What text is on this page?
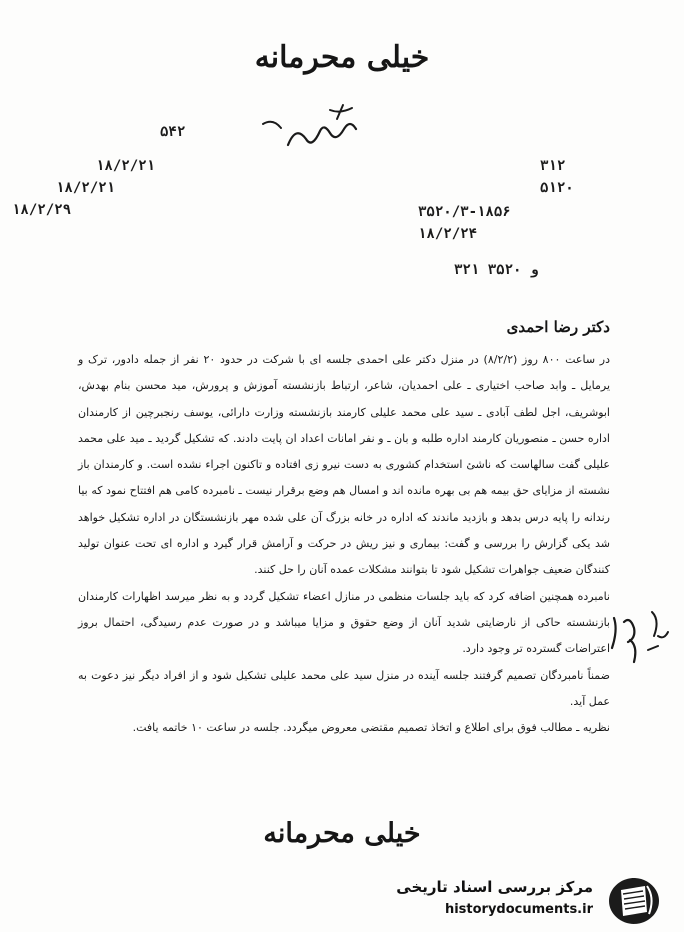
خیلی محرمانه
۵۴۲
۱۸/۲/۲۱
۱۸/۲/۲۱
۱۸/۲/۲۹
۳۱۲
۵۱۲۰
۳۵۲۰/۳-۱۸۵۶
۱۸/۲/۲۴
۳۲۱ و ۳۵۲۰
دکتر رضا احمدی

در ساعت ۸۰۰ روز (۸/۲/۲) در منزل دکتر علی احمدی جلسه ای با شرکت در حدود ۲۰ نفر از جمله دادور، ترک و یرمایل ـ وابد صاحب اختیاری ـ علی احمدیان، شاعر، ارتباط بازنشسته آموزش و پرورش، مید محسن بنام بهدش، ابوشریف، اجل لطف آبادی ـ سید علی محمد علیلی کارمند بازنشسته وزارت دارائی، یوسف رنجبرچین از کارمندان اداره حسن ـ منصوریان کارمند اداره طلبه و بان ـ و نفر امانات اعداد ان پایت دادند. که تشکیل گردید ـ مید علی محمد علیلی گفت سالهاست که ناشئ استخدام کشوری به دست نیرو زی افتاده و تاکنون اجراء نشده است. و کارمندان باز نشسته از مزایای حق بیمه هم بی بهره مانده اند و امسال هم وضع برقرار نیست ـ نامبرده کامی هم افتتاح نمود که بیا رندانه را پایه درس بدهد و بازدید ماندند که اداره در خانه بزرگ آن علی شده مهر بازنشستگان در اداره تشکیل خواهد شد یکی گزارش را بررسی و گفت: بیماری و نیز ریش در حرکت و آرامش قرار گیرد و اداره ای تحت عنوان تولید کنندگان ضعیف جواهرات تشکیل شود تا بتوانند مشکلات عمده آنان را حل کنند.

نامبرده همچنین اضافه کرد که باید جلسات منظمی در منازل اعضاء تشکیل گردد و به نظر میرسد اظهارات کارمندان بازنشسته حاکی از نارضایتی شدید آنان از وضع حقوق و مزایا میباشد و در صورت عدم رسیدگی، احتمال بروز اعتراضات گسترده تر وجود دارد.

ضمناً نامبردگان تصمیم گرفتند جلسه آینده در منزل سید علی محمد علیلی تشکیل شود و از افراد دیگر نیز دعوت به عمل آید.

نظریه ـ مطالب فوق برای اطلاع و اتخاذ تصمیم مقتضی معروض میگردد. جلسه در ساعت ۱۰ خاتمه یافت.

خیلی محرمانه
مرکز بررسی اسناد تاریخی
historydocuments.ir
